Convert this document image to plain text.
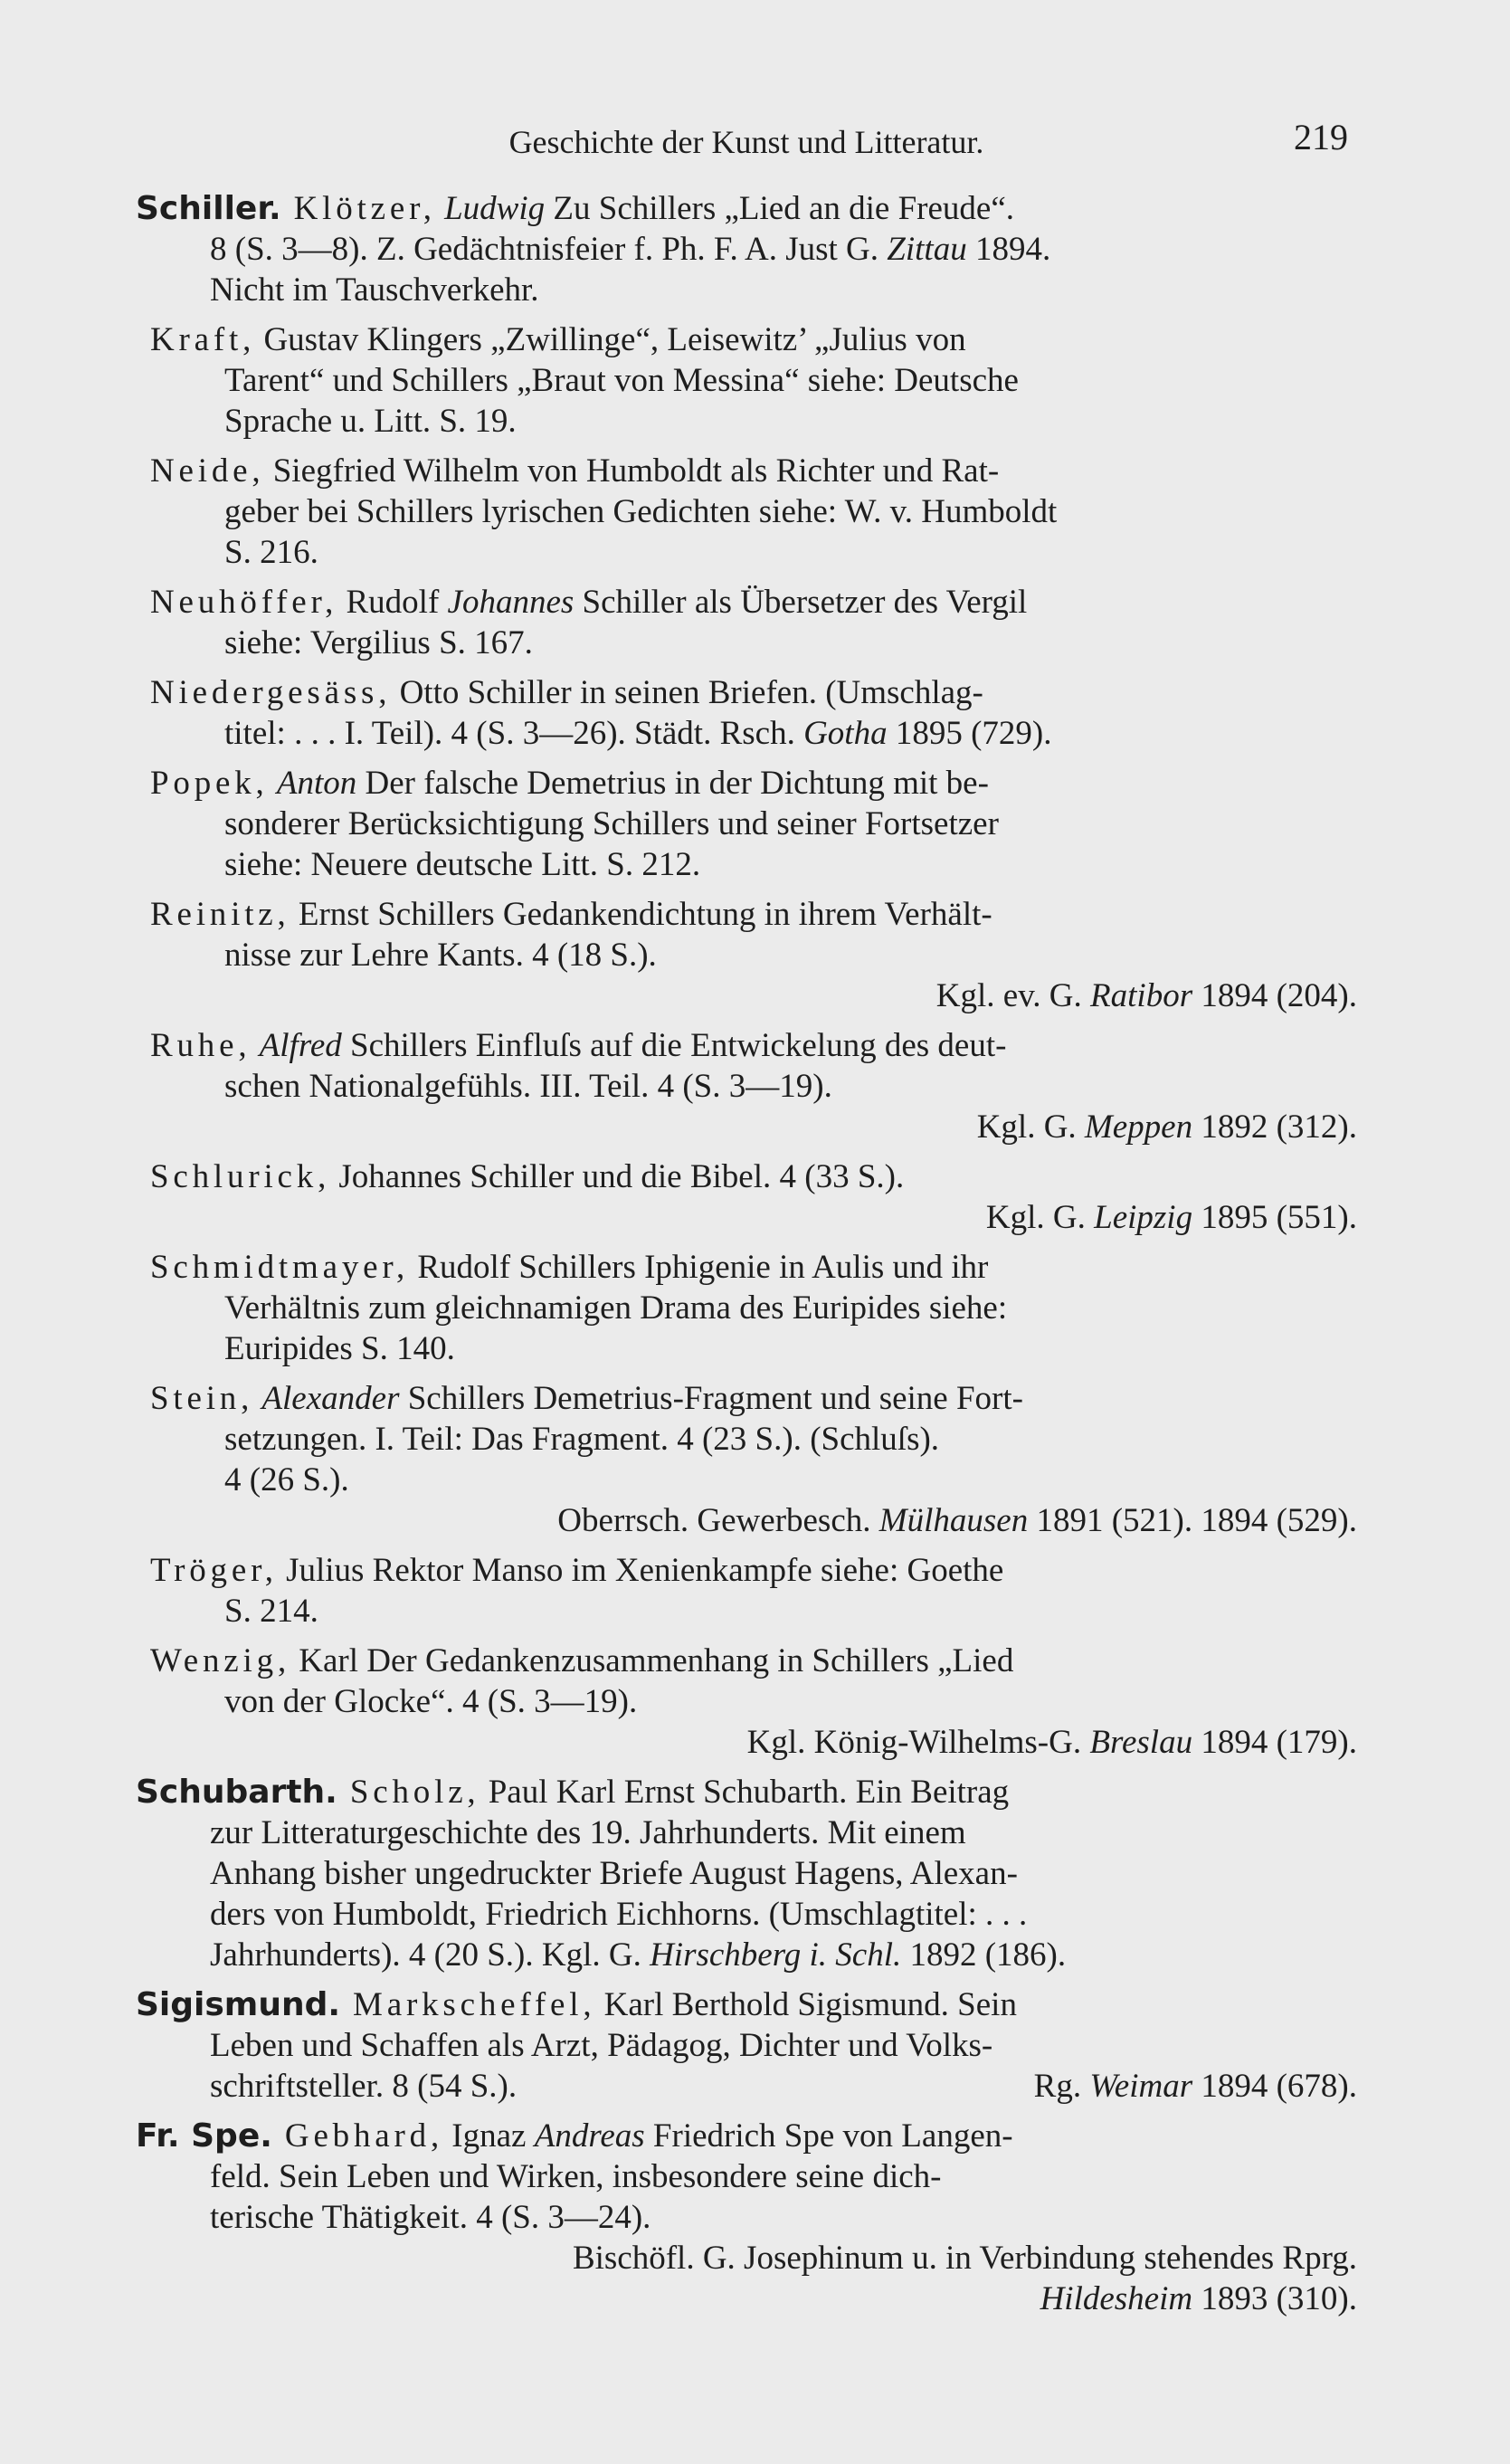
Geschichte der Kunst und Litteratur.	219

Schiller. Klötzer, Ludwig Zu Schillers „Lied an die Freude“.

8 (S. 3—8). Z. Gedächtnisfeier f. Ph. F. A. Just G. Zittau 1894.

Nicht im Tauschverkehr.

Kraft, Gustav Klingers „Zwillinge“, Leisewitz’ „Julius von

Tarent“ und Schillers „Braut von Messina“ siehe: Deutsche

Sprache u. Litt. S. 19.

Neide, Siegfried Wilhelm von Humboldt als Richter und Rat-

geber bei Schillers lyrischen Gedichten siehe: W. v. Humboldt

S. 216.

Neuhöffer, Rudolf Johannes Schiller als Übersetzer des Vergil

siehe: Vergilius S. 167.

Niedergesäss, Otto Schiller in seinen Briefen. (Umschlag-

titel: . . . I. Teil). 4 (S. 3—26). Städt. Rsch. Gotha 1895 (729).

Popek, Anton Der falsche Demetrius in der Dichtung mit be-

sonderer Berücksichtigung Schillers und seiner Fortsetzer

siehe: Neuere deutsche Litt. S. 212.

Reinitz, Ernst Schillers Gedankendichtung in ihrem Verhält-

nisse zur Lehre Kants. 4 (18 S.).

Kgl. ev. G. Ratibor 1894 (204).

Ruhe, Alfred Schillers Einfluſs auf die Entwickelung des deut-

schen Nationalgefühls. III. Teil. 4 (S. 3—19).

Kgl. G. Meppen 1892 (312).

Schlurick, Johannes Schiller und die Bibel. 4 (33 S.).

Kgl. G. Leipzig 1895 (551).

Schmidtmayer, Rudolf Schillers Iphigenie in Aulis und ihr

Verhältnis zum gleichnamigen Drama des Euripides siehe:

Euripides S. 140.

Stein, Alexander Schillers Demetrius-Fragment und seine Fort-

setzungen. I. Teil: Das Fragment. 4 (23 S.). (Schluſs).

4 (26 S.).

Oberrsch. Gewerbesch. Mülhausen 1891 (521). 1894 (529).

Tröger, Julius Rektor Manso im Xenienkampfe siehe: Goethe

S. 214.

Wenzig, Karl Der Gedankenzusammenhang in Schillers „Lied

von der Glocke“. 4 (S. 3—19).

Kgl. König-Wilhelms-G. Breslau 1894 (179).

Schubarth. Scholz, Paul Karl Ernst Schubarth. Ein Beitrag

zur Litteraturgeschichte des 19. Jahrhunderts. Mit einem

Anhang bisher ungedruckter Briefe August Hagens, Alexan-

ders von Humboldt, Friedrich Eichhorns. (Umschlagtitel: . . .

Jahrhunderts). 4 (20 S.). Kgl. G. Hirschberg i. Schl. 1892 (186).

Sigismund. Markscheffel, Karl Berthold Sigismund. Sein

Leben und Schaffen als Arzt, Pädagog, Dichter und Volks-

schriftsteller. 8 (54 S.).	Rg. Weimar 1894 (678).

Fr. Spe. Gebhard, Ignaz Andreas Friedrich Spe von Langen-

feld. Sein Leben und Wirken, insbesondere seine dich-

terische Thätigkeit. 4 (S. 3—24).

Bischöfl. G. Josephinum u. in Verbindung stehendes Rprg.

Hildesheim 1893 (310).
